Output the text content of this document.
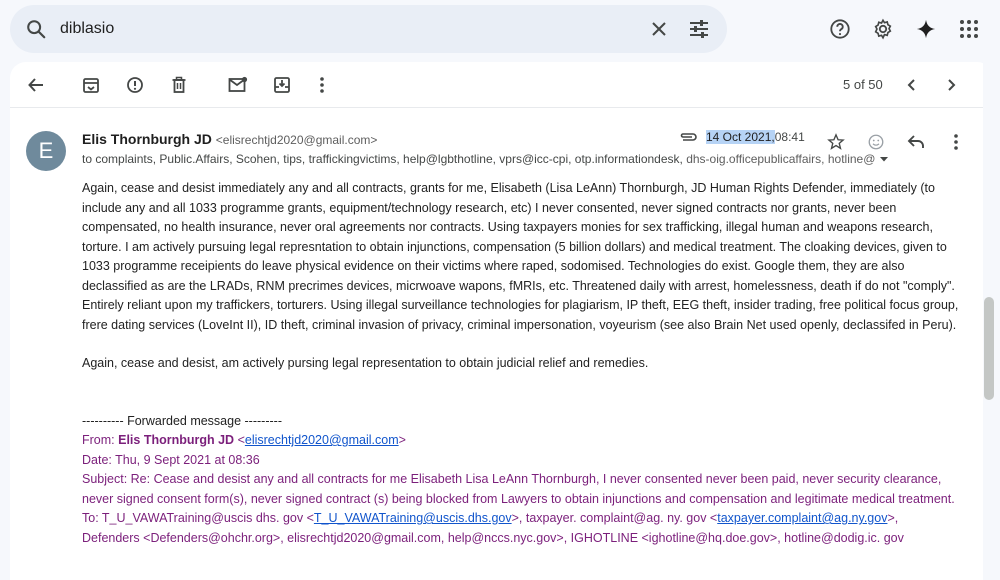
diblasio
5 of 50
E	Elis Thornburgh JD <elisrechtjd2020@gmail.com>	14 Oct 2021, 08:41
to complaints, Public.Affairs, Scohen, tips, traffickingvictims, help@lgbthotline, vprs@icc-cpi, otp.informationdesk, dhs-oig.officepublicaffairs, hotline@

Again, cease and desist immediately any and all contracts, grants for me, Elisabeth (Lisa LeAnn) Thornburgh, JD Human Rights Defender, immediately (to include any and all 1033 programme grants, equipment/technology research, etc) I never consented, never signed contracts nor grants, never been compensated, no health insurance, never oral agreements nor contracts. Using taxpayers monies for sex trafficking, illegal human and weapons research, torture. I am actively pursuing legal represntation to obtain injunctions, compensation (5 billion dollars) and medical treatment. The cloaking devices, given to 1033 programme receipients do leave physical evidence on their victims where raped, sodomised. Technologies do exist. Google them, they are also declassified as are the LRADs, RNM precrimes devices, micrwoave wapons, fMRIs, etc. Threatened daily with arrest, homelessness, death if do not "comply". Entirely reliant upon my traffickers, torturers. Using illegal surveillance technologies for plagiarism, IP theft, EEG theft, insider trading, free political focus group, frere dating services (LoveInt II), ID theft, criminal invasion of privacy, criminal impersonation, voyeurism (see also Brain Net used openly, declassifed in Peru).

Again, cease and desist, am actively pursing legal representation to obtain judicial relief and remedies.

---------- Forwarded message ---------
From: Elis Thornburgh JD <elisrechtjd2020@gmail.com>
Date: Thu, 9 Sept 2021 at 08:36
Subject: Re: Cease and desist any and all contracts for me Elisabeth Lisa LeAnn Thornburgh, I never consented never been paid, never security clearance, never signed consent form(s), never signed contract (s) being blocked from Lawyers to obtain injunctions and compensation and legitimate medical treatment.
To: T_U_VAWATraining@uscis dhs. gov <T_U_VAWATraining@uscis.dhs.gov>, taxpayer. complaint@ag. ny. gov <taxpayer.complaint@ag.ny.gov>,
Defenders <Defenders@ohchr.org>, elisrechtjd2020@gmail.com, help@nccs.nyc.gov>, IGHOTLINE <ighotline@hq.doe.gov>, hotline@dodig.ic. gov
